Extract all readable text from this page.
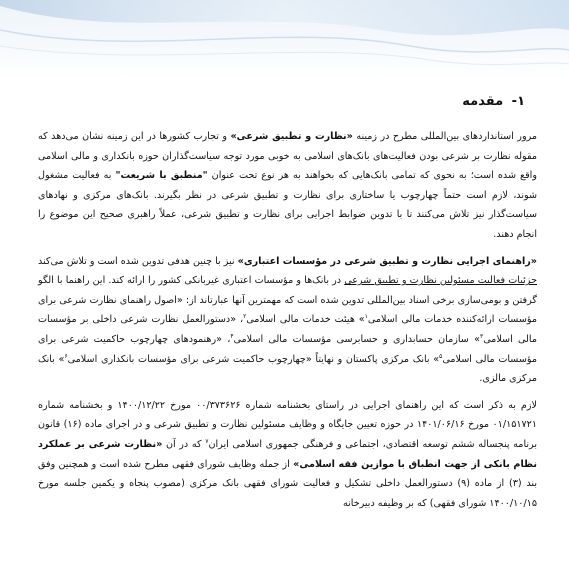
۱- مقدمه

مرور استانداردهای بین‌المللی مطرح در زمینه «نظارت و تطبیق شرعی» و تجارب کشورها در این زمینه نشان می‌دهد که مقوله نظارت بر شرعی بودن فعالیت‌های بانک‌های اسلامی به خوبی مورد توجه سیاست‌گذاران حوزه بانکداری و مالی اسلامی واقع شده است؛ به نحوی که تمامی بانک‌هایی که بخواهند به هر نوع تحت عنوان "منطبق با شریعت" به فعالیت مشغول شوند، لازم است حتماً چهارچوب یا ساختاری برای نظارت و تطبیق شرعی در نظر بگیرند. بانک‌های مرکزی و نهادهای سیاست‌گذار نیز تلاش می‌کنند تا با تدوین ضوابط اجرایی برای نظارت و تطبیق شرعی، عملاً راهبری صحیح این موضوع را انجام دهند.

«راهنمای اجرایی نظارت و تطبیق شرعی در مؤسسات اعتباری» نیز با چنین هدفی تدوین شده است و تلاش می‌کند جزئیات فعالیت مسئولین نظارت و تطبیق شرعی در بانک‌ها و مؤسسات اعتباری غیربانکی کشور را ارائه کند. این راهنما با الگو گرفتن و بومی‌سازی برخی اسناد بین‌المللی تدوین شده است که مهمترین آنها عبارتاند از: «اصول راهنمای نظارت شرعی برای مؤسسات ارائه‌کننده خدمات مالی اسلامی$^۱$» هیئت خدمات مالی اسلامی$^۲$، «دستورالعمل نظارت شرعی داخلی بر مؤسسات مالی اسلامی$^۳$» سازمان حسابداری و حسابرسی مؤسسات مالی اسلامی$^۴$، «رهنمودهای چهارچوب حاکمیت شرعی برای مؤسسات مالی اسلامی$^۵$» بانک مرکزی پاکستان و نهایتاً «چهارچوب حاکمیت شرعی برای مؤسسات بانکداری اسلامی$^۶$» بانک مرکزی مالزی.

لازم به ذکر است که این راهنمای اجرایی در راستای بخشنامه شماره ۰۰/۳۷۳۶۲۶ مورخ ۱۴۰۰/۱۲/۲۲ و بخشنامه شماره ۰۱/۱۵۱۷۲۱ مورخ ۱۴۰۱/۰۶/۱۶ در حوزه تعیین جایگاه و وظایف مسئولین نظارت و تطبیق شرعی و در اجرای ماده (۱۶) قانون برنامه پنجساله ششم توسعه اقتصادی، اجتماعی و فرهنگی جمهوری اسلامی ایران$^۷$ که در آن «نظارت شرعی بر عملکرد نظام بانکی از جهت انطباق با موازین فقه اسلامی» از جمله وظایف شورای فقهی مطرح شده است و همچنین وفق بند (۳) از ماده (۹) دستورالعمل داخلی تشکیل و فعالیت شورای فقهی بانک مرکزی (مصوب پنجاه و یکمین جلسه مورخ ۱۴۰۰/۱۰/۱۵ شورای فقهی) که بر وظیفه دبیرخانه
